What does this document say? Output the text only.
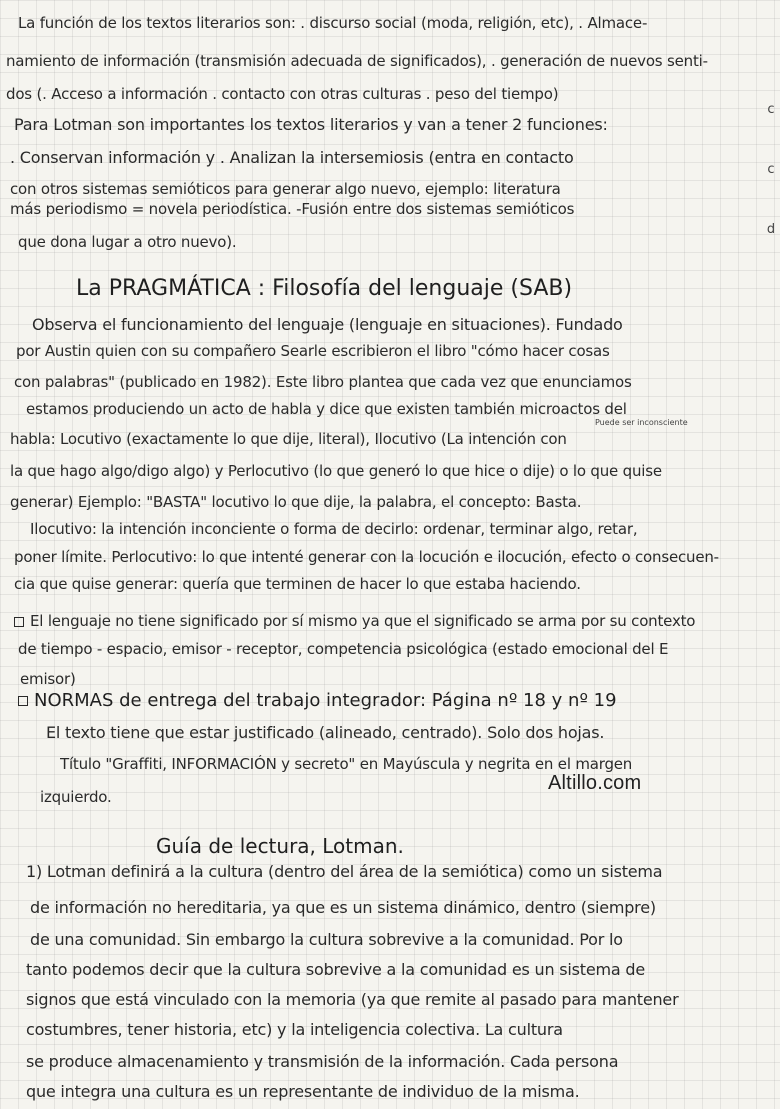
c
c
d

La función de los textos literarios son: . discurso social (moda, religión, etc), . Almace-

namiento de información (transmisión adecuada de significados), . generación de nuevos senti-

dos (. Acceso a información . contacto con otras culturas . peso del tiempo)

Para Lotman son importantes los textos literarios y van a tener 2 funciones:

. Conservan información y . Analizan la intersemiosis (entra en contacto

con otros sistemas semióticos para generar algo nuevo, ejemplo: literatura

más periodismo = novela periodística. -Fusión entre dos sistemas semióticos

que dona lugar a otro nuevo).

La PRAGMÁTICA : Filosofía del lenguaje (SAB)

Observa el funcionamiento del lenguaje (lenguaje en situaciones). Fundado

por Austin quien con su compañero Searle escribieron el libro "cómo hacer cosas

con palabras" (publicado en 1982). Este libro plantea que cada vez que enunciamos

estamos produciendo un acto de habla y dice que existen también microactos del

Puede ser inconsciente

habla: Locutivo (exactamente lo que dije, literal), Ilocutivo (La intención con

la que hago algo/digo algo) y Perlocutivo (lo que generó lo que hice o dije) o lo que quise

generar) Ejemplo: "BASTA" locutivo lo que dije, la palabra, el concepto: Basta.

Ilocutivo: la intención inconciente o forma de decirlo: ordenar, terminar algo, retar,

poner límite. Perlocutivo: lo que intenté generar con la locución e ilocución, efecto o consecuen-

cia que quise generar: quería que terminen de hacer lo que estaba haciendo.

El lenguaje no tiene significado por sí mismo ya que el significado se arma por su contexto

de tiempo - espacio, emisor - receptor, competencia psicológica (estado emocional del E

emisor)

NORMAS de entrega del trabajo integrador: Página nº 18 y nº 19

El texto tiene que estar justificado (alineado, centrado). Solo dos hojas.

Título "Graffiti, INFORMACIÓN y secreto" en Mayúscula y negrita en el margen

izquierdo.

Altillo.com
Guía de lectura, Lotman.

1) Lotman definirá a la cultura (dentro del área de la semiótica) como un sistema

de información no hereditaria, ya que es un sistema dinámico, dentro (siempre)

de una comunidad. Sin embargo la cultura sobrevive a la comunidad. Por lo

tanto podemos decir que la cultura sobrevive a la comunidad es un sistema de

signos que está vinculado con la memoria (ya que remite al pasado para mantener

costumbres, tener historia, etc) y la inteligencia colectiva. La cultura

se produce almacenamiento y transmisión de la información. Cada persona

que integra una cultura es un representante de individuo de la misma.
